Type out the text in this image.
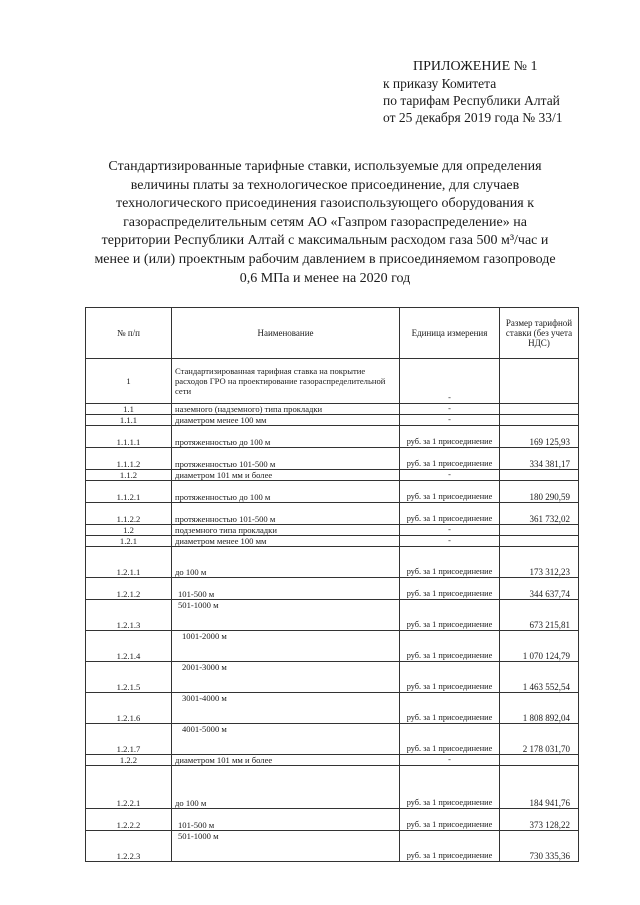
ПРИЛОЖЕНИЕ № 1
к приказу Комитета
по тарифам Республики Алтай
от 25 декабря 2019 года № 33/1
Стандартизированные тарифные ставки, используемые для определения
величины платы за технологическое присоединение, для случаев
технологического присоединения газоиспользующего оборудования к
газораспределительным сетям АО «Газпром газораспределение» на
территории Республики Алтай с максимальным расходом газа 500 м³/час и
менее и (или) проектным рабочим давлением в присоединяемом газопроводе
0,6 МПа и менее на 2020 год
№ п/п	Наименование	Единица измерения	Размер тарифной ставки (без учета НДС)
1	Стандартизированная тарифная ставка на покрытие расходов ГРО на проектирование газораспределительной сети	-	
1.1	наземного (надземного) типа прокладки	-	
1.1.1	диаметром менее 100 мм	-	
1.1.1.1	протяженностью до 100 м	руб. за 1 присоединение	169 125,93
1.1.1.2	протяженностью 101-500 м	руб. за 1 присоединение	334 381,17
1.1.2	диаметром 101 мм и более	-	
1.1.2.1	протяженностью до 100 м	руб. за 1 присоединение	180 290,59
1.1.2.2	протяженностью 101-500 м	руб. за 1 присоединение	361 732,02
1.2	подземного типа прокладки	-	
1.2.1	диаметром менее 100 мм	-	
1.2.1.1	до 100 м	руб. за 1 присоединение	173 312,23
1.2.1.2	101-500 м	руб. за 1 присоединение	344 637,74
1.2.1.3	501-1000 м	руб. за 1 присоединение	673 215,81
1.2.1.4	1001-2000 м	руб. за 1 присоединение	1 070 124,79
1.2.1.5	2001-3000 м	руб. за 1 присоединение	1 463 552,54
1.2.1.6	3001-4000 м	руб. за 1 присоединение	1 808 892,04
1.2.1.7	4001-5000 м	руб. за 1 присоединение	2 178 031,70
1.2.2	диаметром 101 мм и более	-	
1.2.2.1	до 100 м	руб. за 1 присоединение	184 941,76
1.2.2.2	101-500 м	руб. за 1 присоединение	373 128,22
1.2.2.3	501-1000 м	руб. за 1 присоединение	730 335,36
